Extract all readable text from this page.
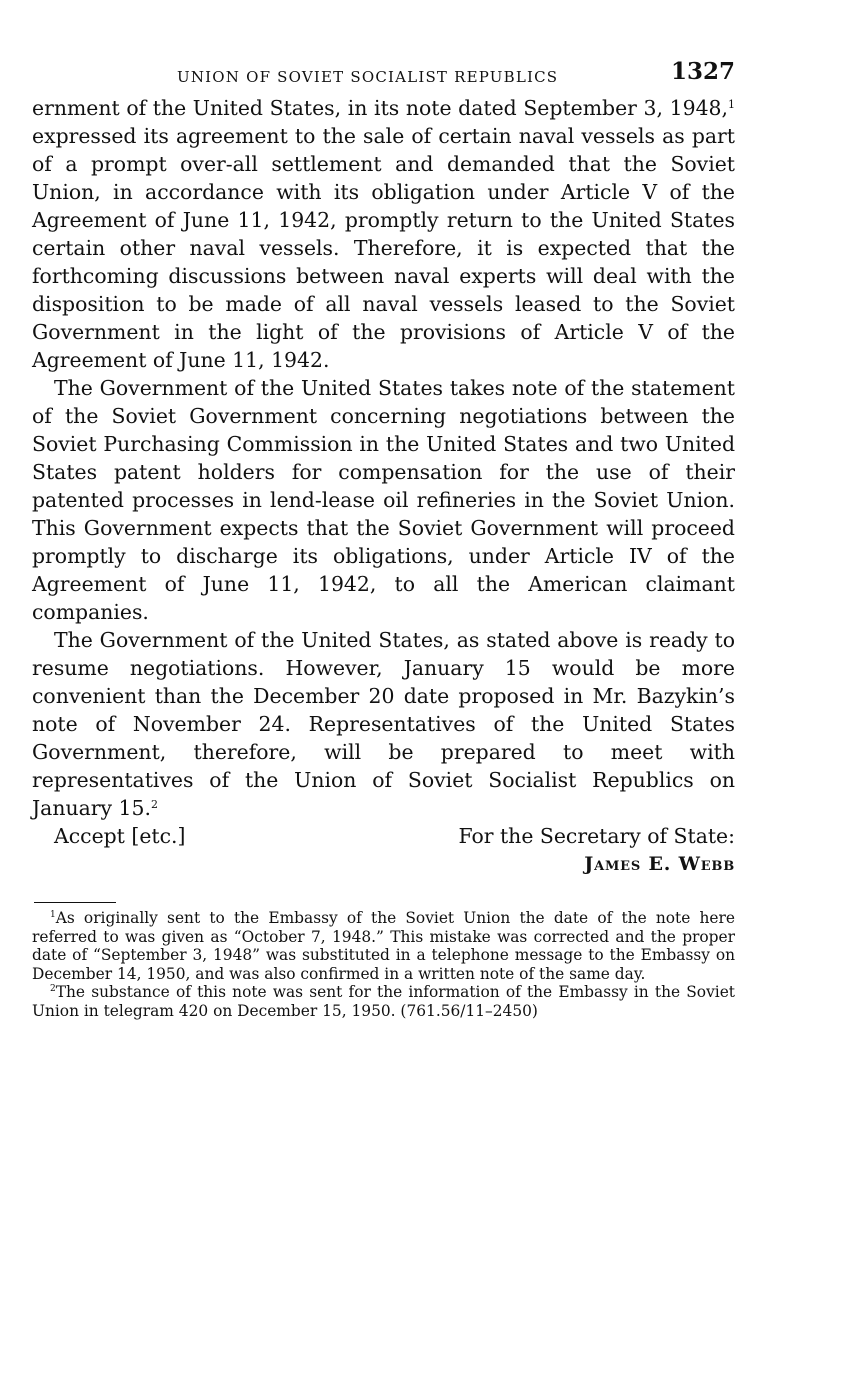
UNION OF SOVIET SOCIALIST REPUBLICS	1327

ernment of the United States, in its note dated September 3, 1948,$^1$ expressed its agreement to the sale of certain naval vessels as part of a prompt over-all settlement and demanded that the Soviet Union, in accordance with its obligation under Article V of the Agreement of June 11, 1942, promptly return to the United States certain other naval vessels. Therefore, it is expected that the forthcoming discussions between naval experts will deal with the disposition to be made of all naval vessels leased to the Soviet Government in the light of the provisions of Article V of the Agreement of June 11, 1942.

The Government of the United States takes note of the statement of the Soviet Government concerning negotiations between the Soviet Purchasing Commission in the United States and two United States patent holders for compensation for the use of their patented processes in lend-lease oil refineries in the Soviet Union. This Government expects that the Soviet Government will proceed promptly to discharge its obligations, under Article IV of the Agreement of June 11, 1942, to all the American claimant companies.

The Government of the United States, as stated above is ready to resume negotiations. However, January 15 would be more convenient than the December 20 date proposed in Mr. Bazykin’s note of November 24. Representatives of the United States Government, therefore, will be prepared to meet with representatives of the Union of Soviet Socialist Republics on January 15.$^2$

Accept [etc.]	For the Secretary of State:
James E. Webb

$^1$As originally sent to the Embassy of the Soviet Union the date of the note here referred to was given as “October 7, 1948.” This mistake was corrected and the proper date of “September 3, 1948” was substituted in a telephone message to the Embassy on December 14, 1950, and was also confirmed in a written note of the same day.

$^2$The substance of this note was sent for the information of the Embassy in the Soviet Union in telegram 420 on December 15, 1950. (761.56/11–2450)
